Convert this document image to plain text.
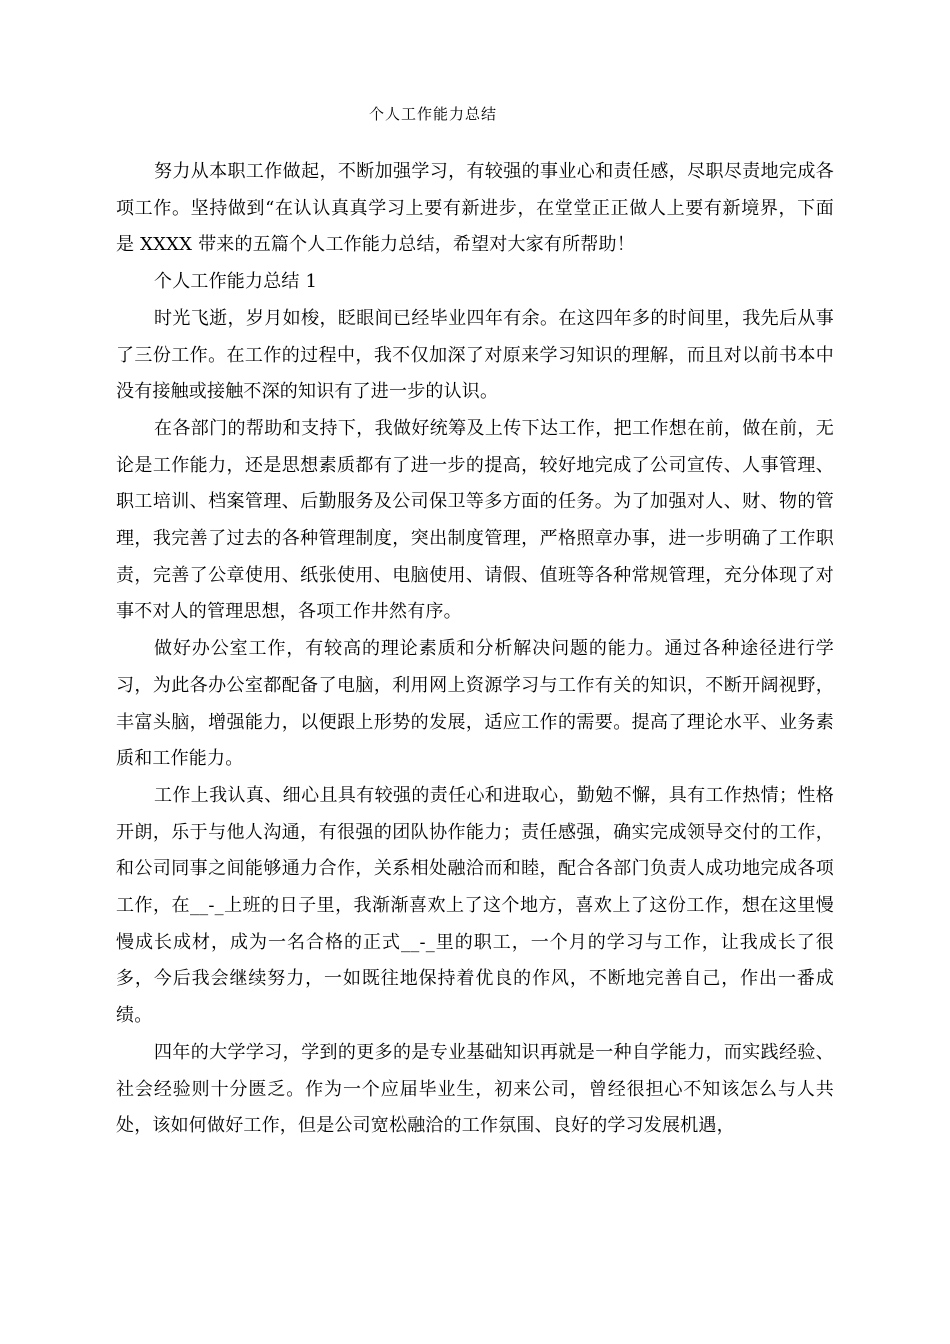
个人工作能力总结

努力从本职工作做起，不断加强学习，有较强的事业心和责任感，尽职尽责地完成各项工作。坚持做到“在认认真真学习上要有新进步，在堂堂正正做人上要有新境界，下面是 XXXX 带来的五篇个人工作能力总结，希望对大家有所帮助！

个人工作能力总结 1

时光飞逝，岁月如梭，眨眼间已经毕业四年有余。在这四年多的时间里，我先后从事了三份工作。在工作的过程中，我不仅加深了对原来学习知识的理解，而且对以前书本中没有接触或接触不深的知识有了进一步的认识。

在各部门的帮助和支持下，我做好统筹及上传下达工作，把工作想在前，做在前，无论是工作能力，还是思想素质都有了进一步的提高，较好地完成了公司宣传、人事管理、职工培训、档案管理、后勤服务及公司保卫等多方面的任务。为了加强对人、财、物的管理，我完善了过去的各种管理制度，突出制度管理，严格照章办事，进一步明确了工作职责，完善了公章使用、纸张使用、电脑使用、请假、值班等各种常规管理，充分体现了对事不对人的管理思想，各项工作井然有序。

做好办公室工作，有较高的理论素质和分析解决问题的能力。通过各种途径进行学习，为此各办公室都配备了电脑，利用网上资源学习与工作有关的知识，不断开阔视野，丰富头脑，增强能力，以便跟上形势的发展，适应工作的需要。提高了理论水平、业务素质和工作能力。

工作上我认真、细心且具有较强的责任心和进取心，勤勉不懈，具有工作热情；性格开朗，乐于与他人沟通，有很强的团队协作能力；责任感强，确实完成领导交付的工作，和公司同事之间能够通力合作，关系相处融洽而和睦，配合各部门负责人成功地完成各项工作，在__-_上班的日子里，我渐渐喜欢上了这个地方，喜欢上了这份工作，想在这里慢慢成长成材，成为一名合格的正式__-_里的职工，一个月的学习与工作，让我成长了很多，今后我会继续努力，一如既往地保持着优良的作风，不断地完善自己，作出一番成绩。

四年的大学学习，学到的更多的是专业基础知识再就是一种自学能力，而实践经验、社会经验则十分匮乏。作为一个应届毕业生，初来公司，曾经很担心不知该怎么与人共处，该如何做好工作，但是公司宽松融洽的工作氛围、良好的学习发展机遇，
